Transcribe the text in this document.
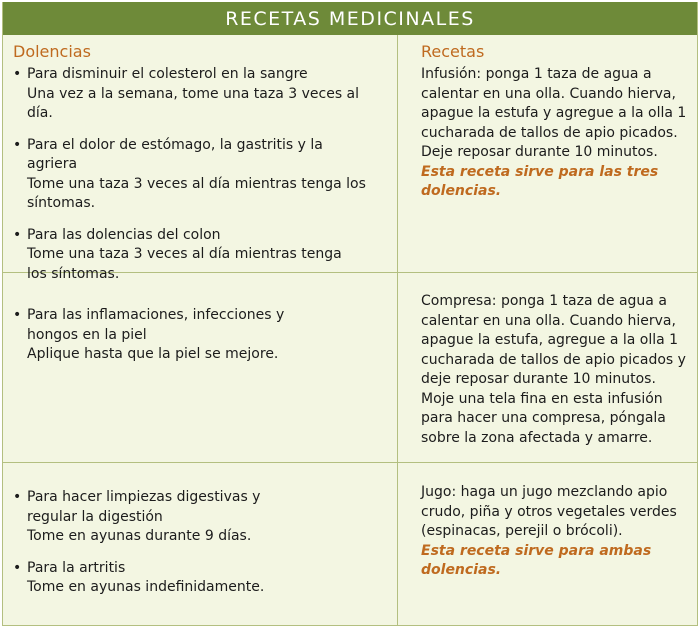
RECETAS MEDICINALES
Dolencias
• Para disminuir el colesterol en la sangre
Una vez a la semana, tome una taza 3 veces al día.
• Para el dolor de estómago, la gastritis y la agriera
Tome una taza 3 veces al día mientras tenga los síntomas.
• Para las dolencias del colon
Tome una taza 3 veces al día mientras tenga los síntomas.
Recetas
Infusión: ponga 1 taza de agua a calentar en una olla. Cuando hierva, apague la estufa y agregue a la olla 1 cucharada de tallos de apio picados. Deje reposar durante 10 minutos.
Esta receta sirve para las tres dolencias.
• Para las inflamaciones, infecciones y hongos en la piel
Aplique hasta que la piel se mejore.
Compresa: ponga 1 taza de agua a calentar en una olla. Cuando hierva, apague la estufa, agregue a la olla 1 cucharada de tallos de apio picados y deje reposar durante 10 minutos. Moje una tela fina en esta infusión para hacer una compresa, póngala sobre la zona afectada y amarre.
• Para hacer limpiezas digestivas y regular la digestión
Tome en ayunas durante 9 días.
• Para la artritis
Tome en ayunas indefinidamente.
Jugo: haga un jugo mezclando apio crudo, piña y otros vegetales verdes (espinacas, perejil o brócoli).
Esta receta sirve para ambas dolencias.
